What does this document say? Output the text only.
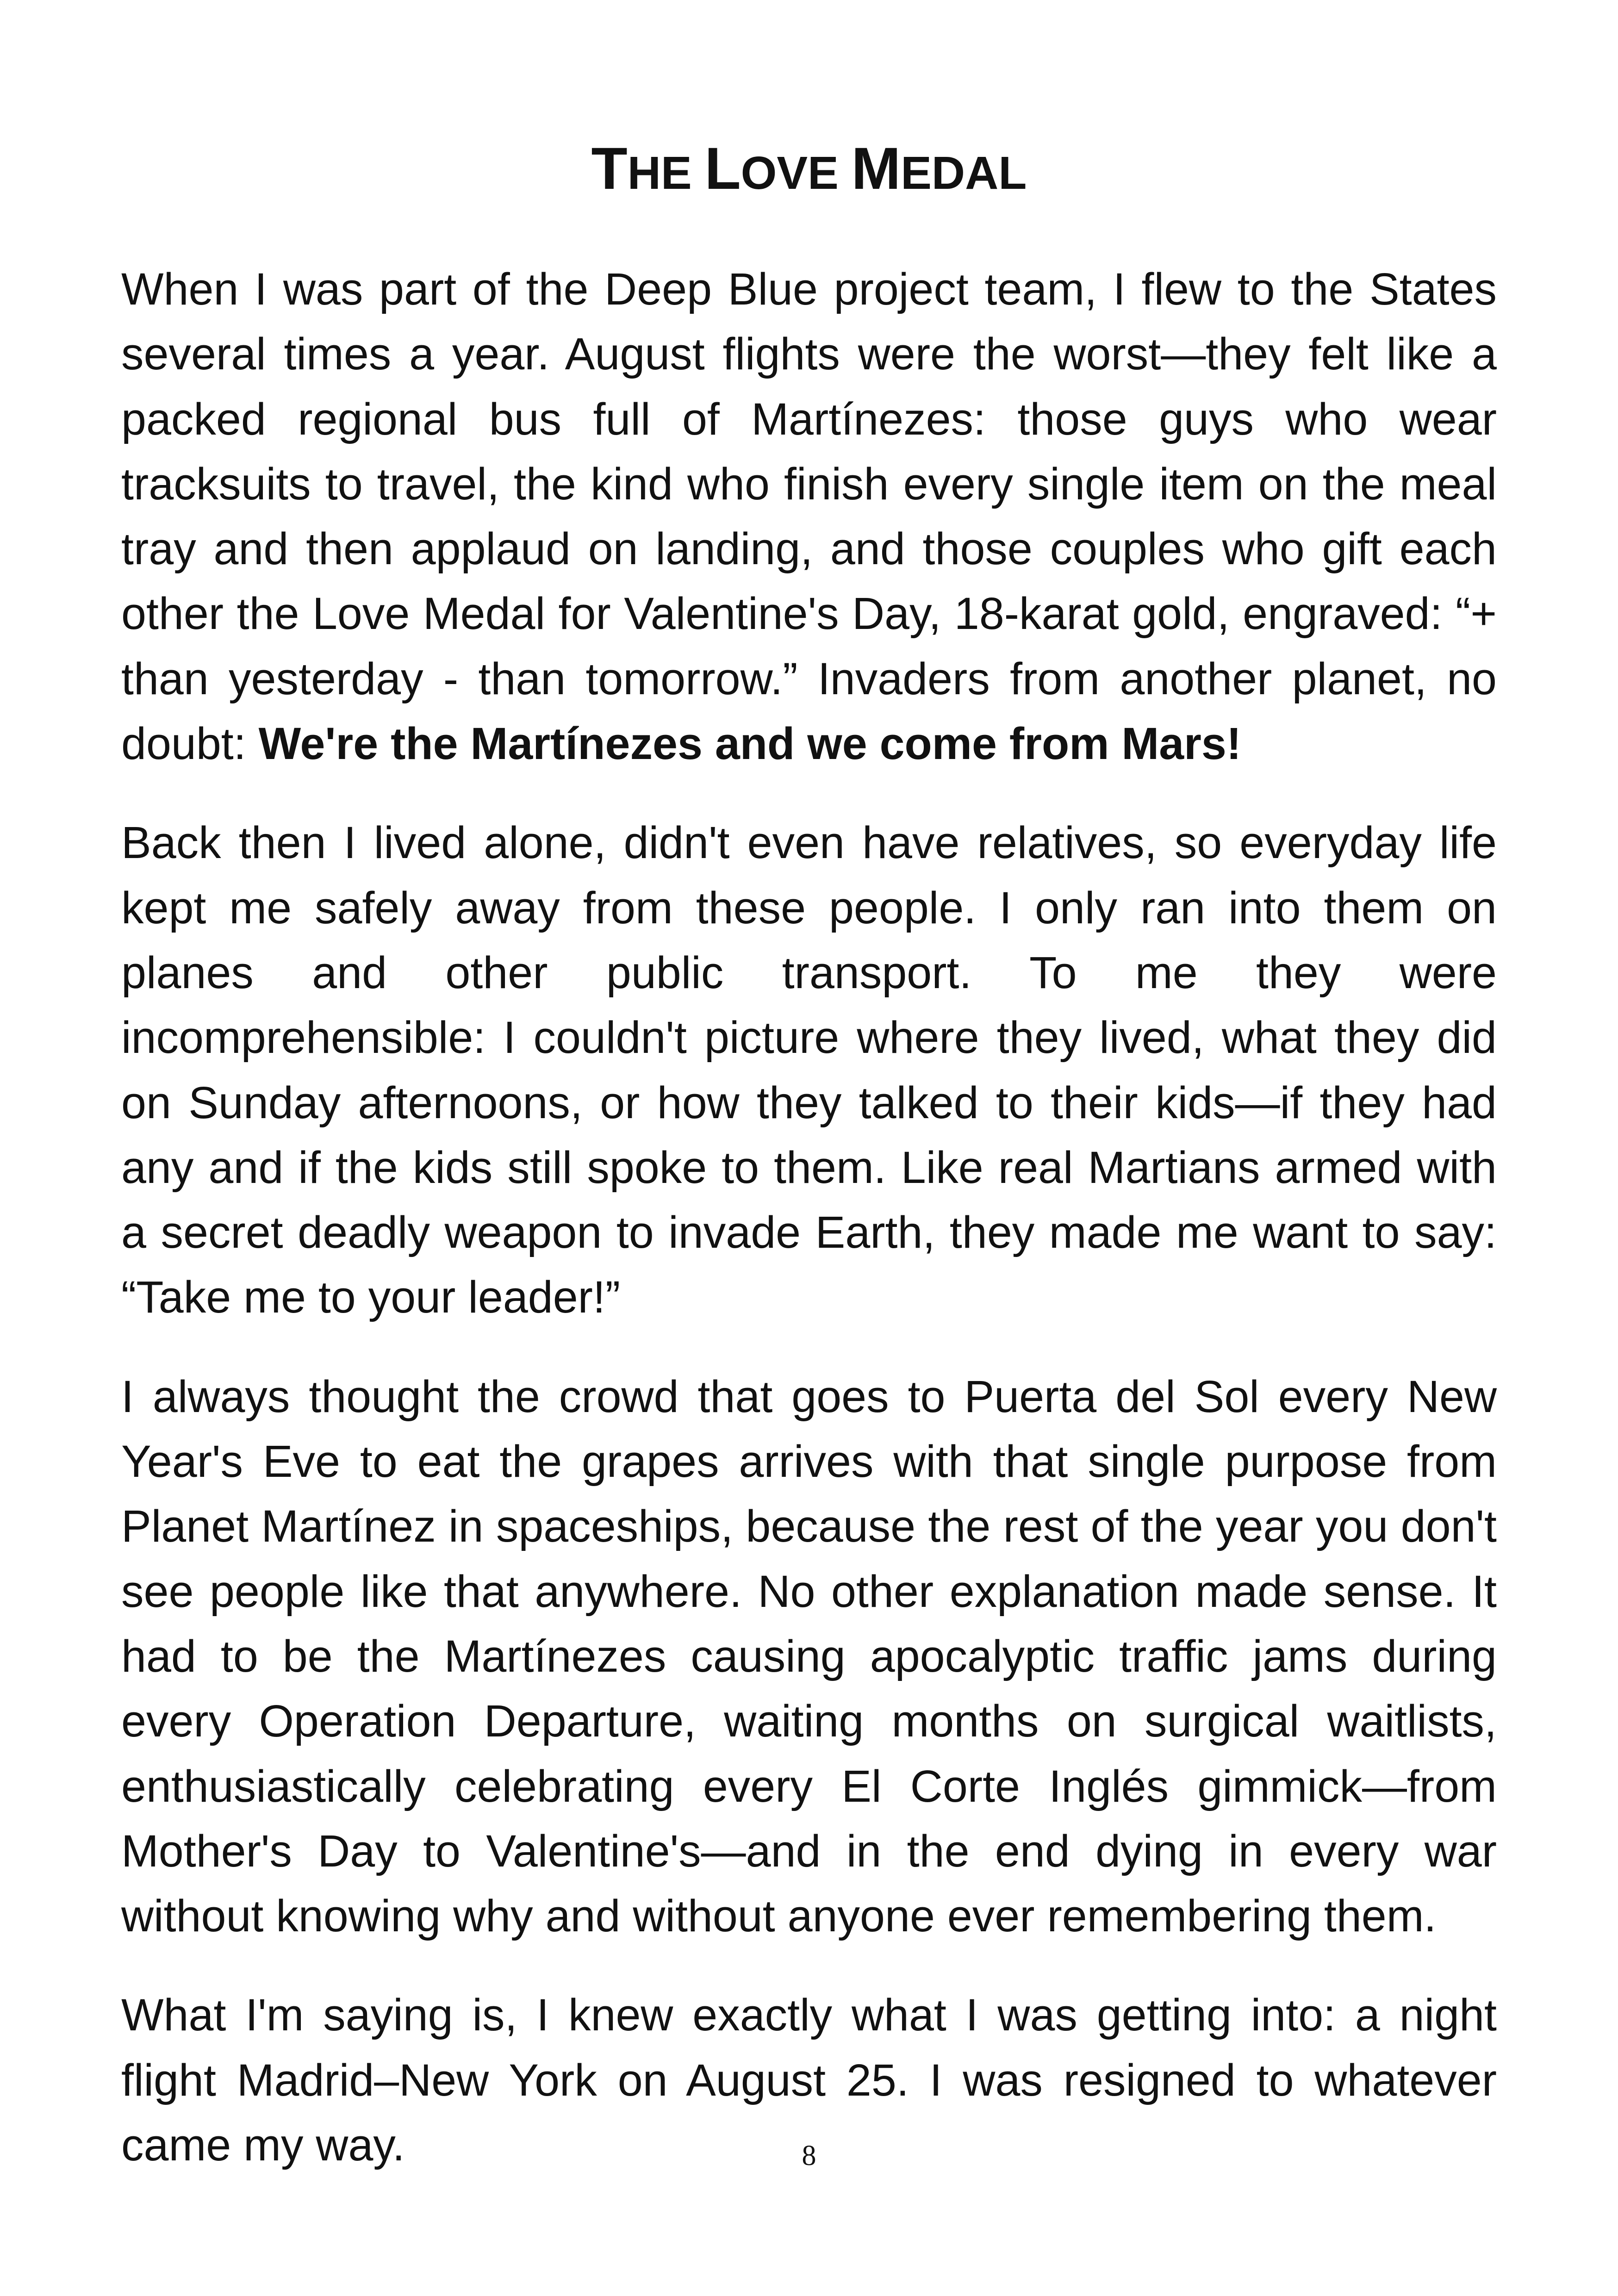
THE LOVE MEDAL

When I was part of the Deep Blue project team, I flew to the States several times a year. August flights were the worst—they felt like a packed regional bus full of Martínezes: those guys who wear tracksuits to travel, the kind who finish every single item on the meal tray and then applaud on landing, and those couples who gift each other the Love Medal for Valentine's Day, 18-karat gold, engraved: “+ than yesterday - than tomorrow.” Invaders from another planet, no doubt: We're the Martínezes and we come from Mars!

Back then I lived alone, didn't even have relatives, so everyday life kept me safely away from these people. I only ran into them on planes and other public transport. To me they were incomprehensible: I couldn't picture where they lived, what they did on Sunday afternoons, or how they talked to their kids—if they had any and if the kids still spoke to them. Like real Martians armed with a secret deadly weapon to invade Earth, they made me want to say: “Take me to your leader!”

I always thought the crowd that goes to Puerta del Sol every New Year's Eve to eat the grapes arrives with that single purpose from Planet Martínez in spaceships, because the rest of the year you don't see people like that anywhere. No other explanation made sense. It had to be the Martínezes causing apocalyptic traffic jams during every Operation Departure, waiting months on surgical waitlists, enthusiastically celebrating every El Corte Inglés gimmick—from Mother's Day to Valentine's—and in the end dying in every war without knowing why and without anyone ever remembering them.

What I'm saying is, I knew exactly what I was getting into: a night flight Madrid–New York on August 25. I was resigned to whatever came my way.	8
